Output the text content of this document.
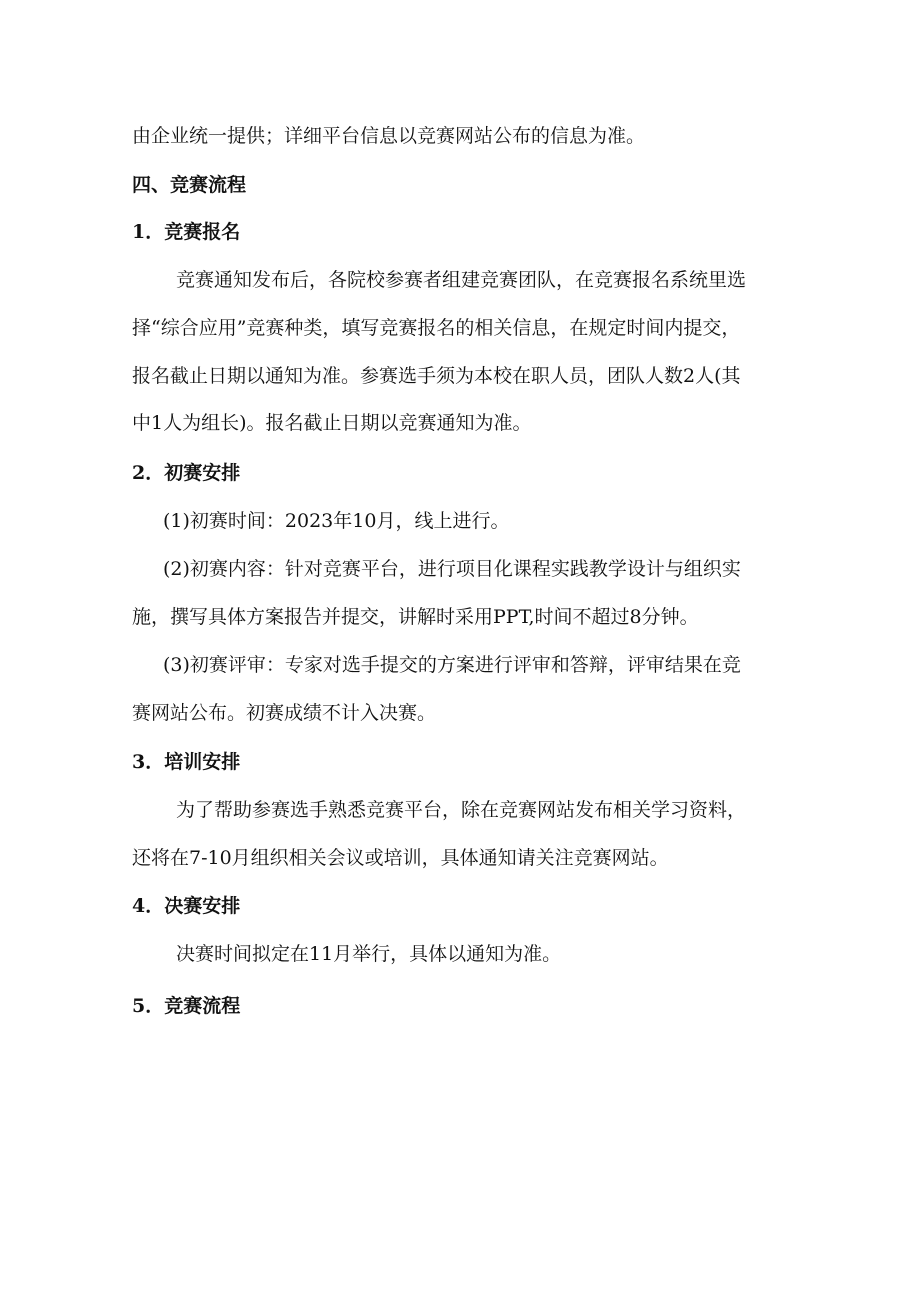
由企业统一提供；详细平台信息以竞赛网站公布的信息为准。
四、竞赛流程
1．竞赛报名
竞赛通知发布后，各院校参赛者组建竞赛团队，在竞赛报名系统里选
择“综合应用”竞赛种类，填写竞赛报名的相关信息，在规定时间内提交，
报名截止日期以通知为准。参赛选手须为本校在职人员，团队人数2人(其
中1人为组长)。报名截止日期以竞赛通知为准。
2．初赛安排
(1)初赛时间：2023年10月，线上进行。
(2)初赛内容：针对竞赛平台，进行项目化课程实践教学设计与组织实
施，撰写具体方案报告并提交，讲解时采用PPT,时间不超过8分钟。
(3)初赛评审：专家对选手提交的方案进行评审和答辩，评审结果在竞
赛网站公布。初赛成绩不计入决赛。
3．培训安排
为了帮助参赛选手熟悉竞赛平台，除在竞赛网站发布相关学习资料，
还将在7-10月组织相关会议或培训，具体通知请关注竞赛网站。
4．决赛安排
决赛时间拟定在11月举行，具体以通知为准。
5．竞赛流程
